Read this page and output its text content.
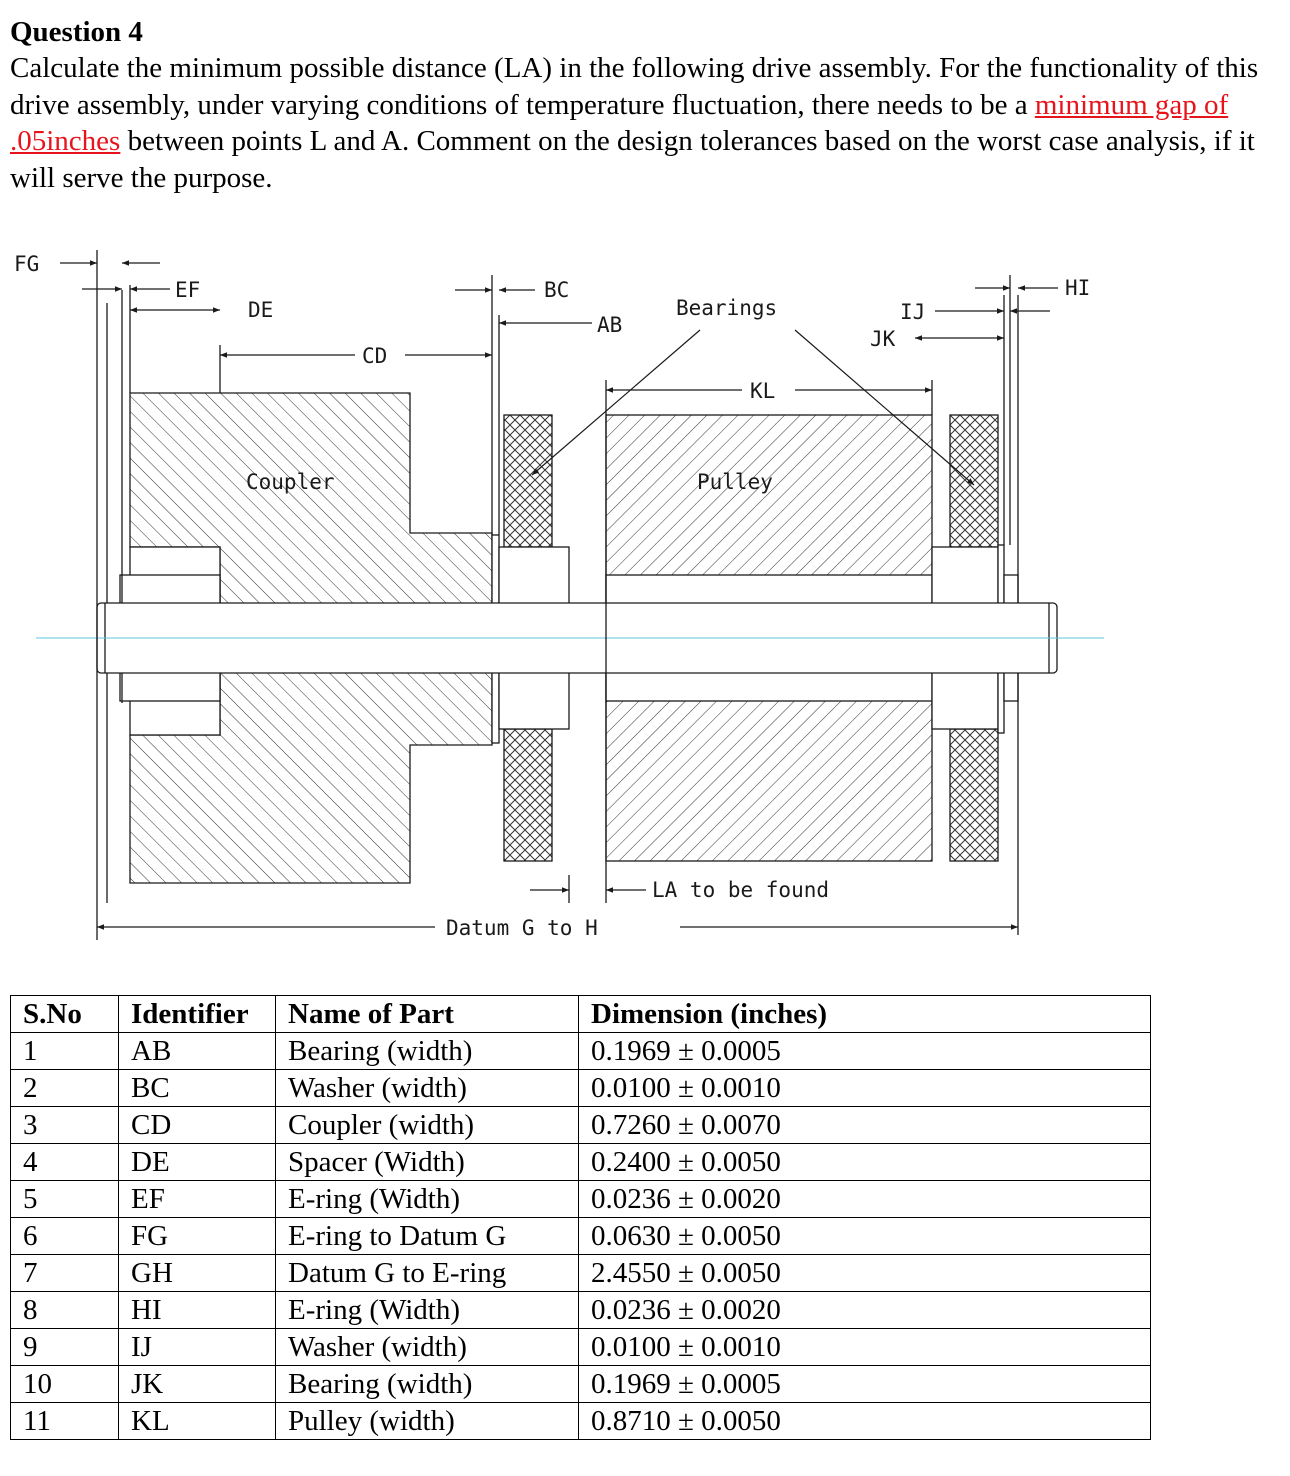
Question 4

Calculate the minimum possible distance (LA) in the following drive assembly. For the functionality of this drive assembly, under varying conditions of temperature fluctuation, there needs to be a minimum gap of .05inches between points L and A. Comment on the design tolerances based on the worst case analysis, if it will serve the purpose.

FG
EF
DE
CD
BC
AB
Bearings	IJ
JK
HI
KL
Coupler	Pulley
LA to be found
Datum G to H
S.No	Identifier	Name of Part	Dimension (inches)
1	AB	Bearing (width)	0.1969 ± 0.0005
2	BC	Washer (width)	0.0100 ± 0.0010
3	CD	Coupler (width)	0.7260 ± 0.0070
4	DE	Spacer (Width)	0.2400 ± 0.0050
5	EF	E-ring (Width)	0.0236 ± 0.0020
6	FG	E-ring to Datum G	0.0630 ± 0.0050
7	GH	Datum G to E-ring	2.4550 ± 0.0050
8	HI	E-ring (Width)	0.0236 ± 0.0020
9	IJ	Washer (width)	0.0100 ± 0.0010
10	JK	Bearing (width)	0.1969 ± 0.0005
11	KL	Pulley (width)	0.8710 ± 0.0050
